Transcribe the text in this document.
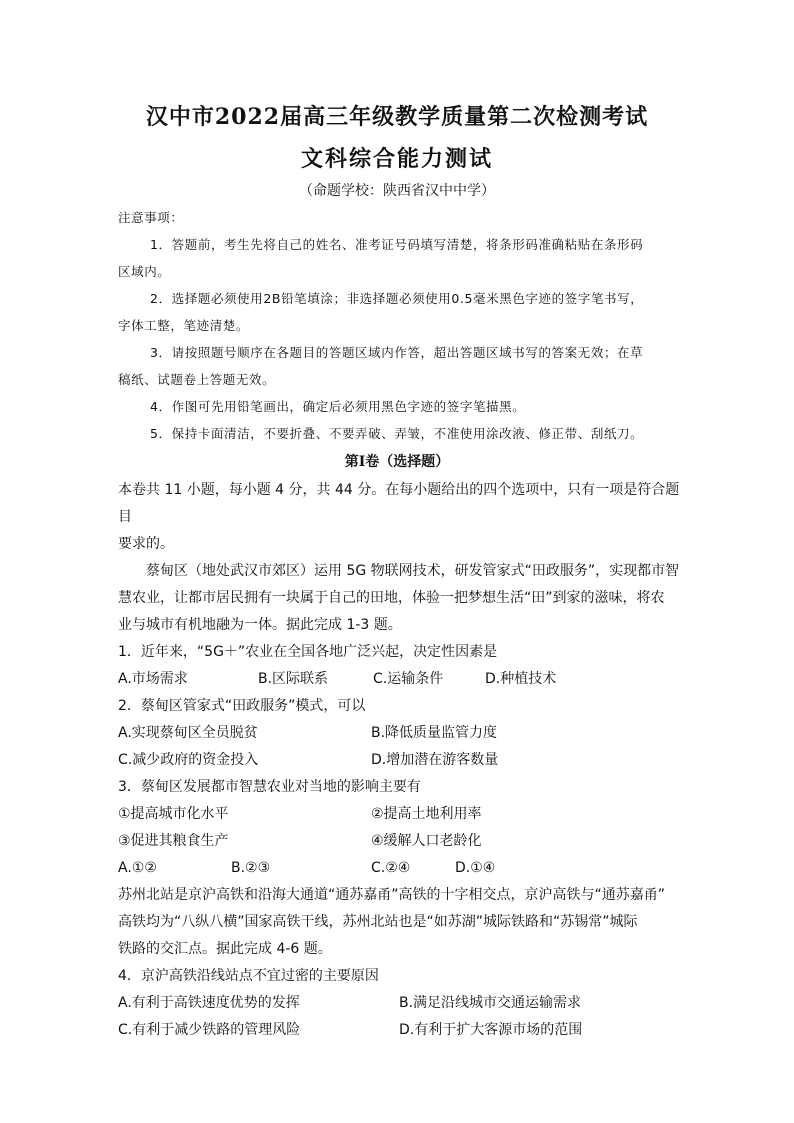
汉中市2022届高三年级教学质量第二次检测考试
文科综合能力测试
（命题学校：陕西省汉中中学）

注意事项：

1．答题前，考生先将自己的姓名、准考证号码填写清楚，将条形码准确粘贴在条形码

区域内。

2．选择题必须使用2B铅笔填涂；非选择题必须使用0.5毫米黑色字迹的签字笔书写，

字体工整，笔迹清楚。

3．请按照题号顺序在各题目的答题区域内作答，超出答题区域书写的答案无效；在草

稿纸、试题卷上答题无效。

4．作图可先用铅笔画出，确定后必须用黑色字迹的签字笔描黑。

5．保持卡面清洁，不要折叠、不要弄破、弄皱，不准使用涂改液、修正带、刮纸刀。

第Ⅰ卷（选择题）

本卷共 11 小题，每小题 4 分，共 44 分。在每小题给出的四个选项中，只有一项是符合题目

要求的。

蔡甸区（地处武汉市郊区）运用 5G 物联网技术，研发管家式“田政服务”，实现都市智

慧农业，让都市居民拥有一块属于自己的田地，体验一把梦想生活“田”到家的滋味，将农

业与城市有机地融为一体。据此完成 1-3 题。

1．近年来，“5G＋”农业在全国各地广泛兴起，决定性因素是

A.市场需求	B.区际联系	C.运输条件	D.种植技术

2．蔡甸区管家式“田政服务”模式，可以

A.实现蔡甸区全员脱贫	B.降低质量监管力度
C.减少政府的资金投入	D.增加潜在游客数量

3．蔡甸区发展都市智慧农业对当地的影响主要有

①提高城市化水平	②提高土地利用率
③促进其粮食生产	④缓解人口老龄化
A.①②	B.②③	C.②④	D.①④

苏州北站是京沪高铁和沿海大通道“通苏嘉甬”高铁的十字相交点，京沪高铁与“通苏嘉甬”

高铁均为“八纵八横”国家高铁干线，苏州北站也是“如苏湖”城际铁路和“苏锡常”城际

铁路的交汇点。据此完成 4-6 题。

4．京沪高铁沿线站点不宜过密的主要原因

A.有利于高铁速度优势的发挥	B.满足沿线城市交通运输需求
C.有利于减少铁路的管理风险	D.有利于扩大客源市场的范围
